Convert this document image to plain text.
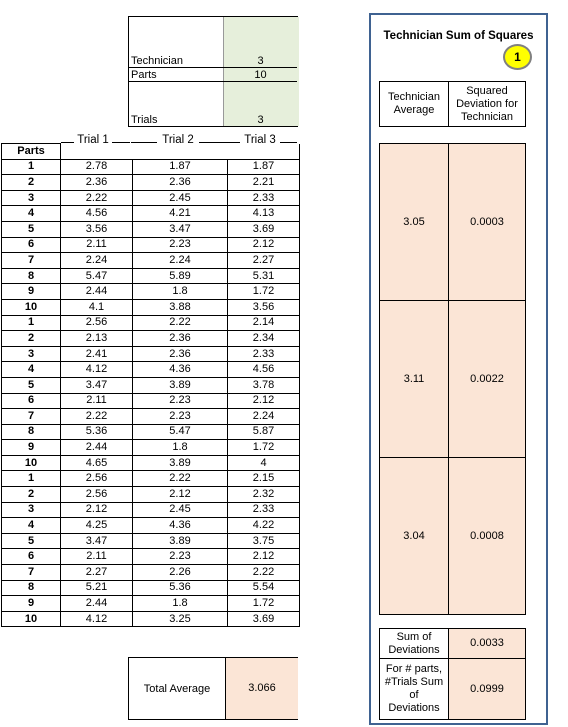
Technician	3
Parts	10
Trials	3
Trial 1	Trial 2	Trial 3
Parts			
1	2.78	1.87	1.87
2	2.36	2.36	2.21
3	2.22	2.45	2.33
4	4.56	4.21	4.13
5	3.56	3.47	3.69
6	2.11	2.23	2.12
7	2.24	2.24	2.27
8	5.47	5.89	5.31
9	2.44	1.8	1.72
10	4.1	3.88	3.56
1	2.56	2.22	2.14
2	2.13	2.36	2.34
3	2.41	2.36	2.33
4	4.12	4.36	4.56
5	3.47	3.89	3.78
6	2.11	2.23	2.12
7	2.22	2.23	2.24
8	5.36	5.47	5.87
9	2.44	1.8	1.72
10	4.65	3.89	4
1	2.56	2.22	2.15
2	2.56	2.12	2.32
3	2.12	2.45	2.33
4	4.25	4.36	4.22
5	3.47	3.89	3.75
6	2.11	2.23	2.12
7	2.27	2.26	2.22
8	5.21	5.36	5.54
9	2.44	1.8	1.72
10	4.12	3.25	3.69
Total Average	3.066
Technician Sum of Squares
1
Technician Average
Squared Deviation for Technician
3.05	0.0003
3.11	0.0022
3.04	0.0008
Sum of Deviations
0.0033
For # parts, #Trials Sum of Deviations
0.0999
